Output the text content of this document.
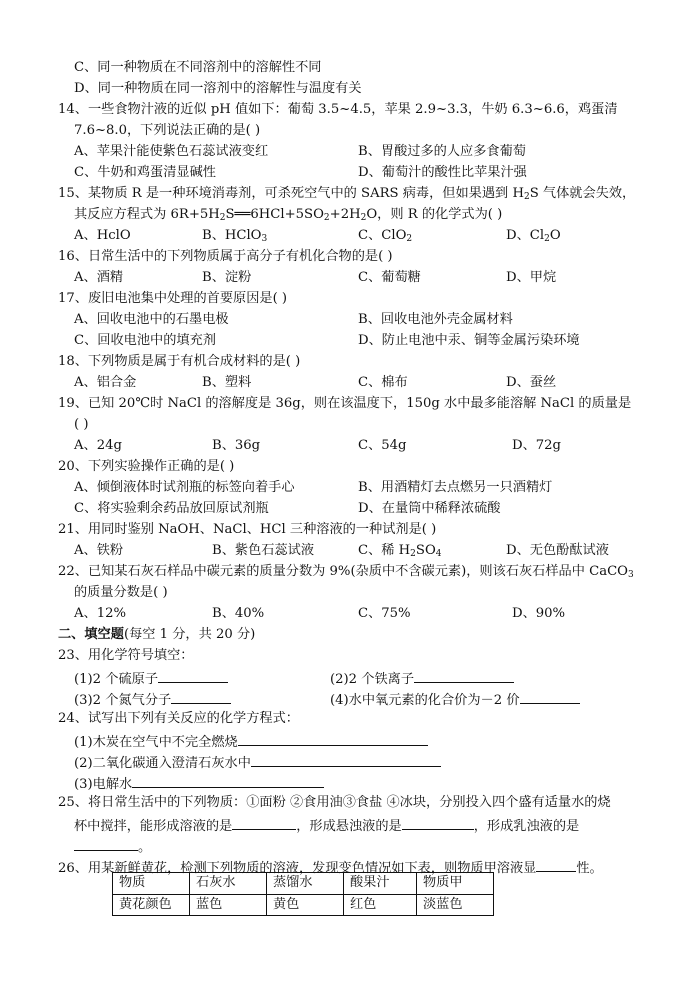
C、同一种物质在不同溶剂中的溶解性不同
D、同一种物质在同一溶剂中的溶解性与温度有关
14、一些食物汁液的近似 pH 值如下：葡萄 3.5~4.5，苹果 2.9~3.3，牛奶 6.3~6.6，鸡蛋清
7.6~8.0，下列说法正确的是( )
A、苹果汁能使紫色石蕊试液变红	B、胃酸过多的人应多食葡萄
C、牛奶和鸡蛋清显碱性	D、葡萄汁的酸性比苹果汁强
15、某物质 R 是一种环境消毒剂，可杀死空气中的 SARS 病毒，但如果遇到 $H_2S$ 气体就会失效，
其反应方程式为 $6R+5H_2S══6HCl+5SO_2+2H_2O$，则 R 的化学式为( )
A、HclO	B、HClO$_3$	C、ClO$_2$	D、$Cl_2O$
16、日常生活中的下列物质属于高分子有机化合物的是( )
A、酒精	B、淀粉	C、葡萄糖	D、甲烷
17、废旧电池集中处理的首要原因是( )
A、回收电池中的石墨电极	B、回收电池外壳金属材料
C、回收电池中的填充剂	D、防止电池中汞、铜等金属污染环境
18、下列物质是属于有机合成材料的是( )
A、铝合金	B、塑料	C、棉布	D、蚕丝
19、已知 20℃时 NaCl 的溶解度是 36g，则在该温度下，150g 水中最多能溶解 NaCl 的质量是
( )
A、24g	B、36g	C、54g	D、72g
20、下列实验操作正确的是( )
A、倾倒液体时试剂瓶的标签向着手心	B、用酒精灯去点燃另一只酒精灯
C、将实验剩余药品放回原试剂瓶	D、在量筒中稀释浓硫酸
21、用同时鉴别 NaOH、NaCl、HCl 三种溶液的一种试剂是( )
A、铁粉	B、紫色石蕊试液	C、稀 $H_2SO_4$	D、无色酚酞试液
22、已知某石灰石样品中碳元素的质量分数为 9%(杂质中不含碳元素)，则该石灰石样品中 CaCO$_3$
的质量分数是( )
A、12%	B、40%	C、75%	D、90%
二、填空题(每空 1 分，共 20 分)
23、用化学符号填空：
(1)2 个硫原子	(2)2 个铁离子
(3)2 个氮气分子	(4)水中氧元素的化合价为－2 价
24、试写出下列有关反应的化学方程式：
(1)木炭在空气中不完全燃烧
(2)二氧化碳通入澄清石灰水中
(3)电解水
25、将日常生活中的下列物质：①面粉 ②食用油③食盐 ④冰块，分别投入四个盛有适量水的烧
杯中搅拌，能形成溶液的是	，形成悬浊液的是	，形成乳浊液的是
。
26、用某新鲜黄花，检测下列物质的溶液，发现变色情况如下表，则物质甲溶液显	性。
物质	石灰水	蒸馏水	酸果汁	物质甲
黄花颜色	蓝色	黄色	红色	淡蓝色
